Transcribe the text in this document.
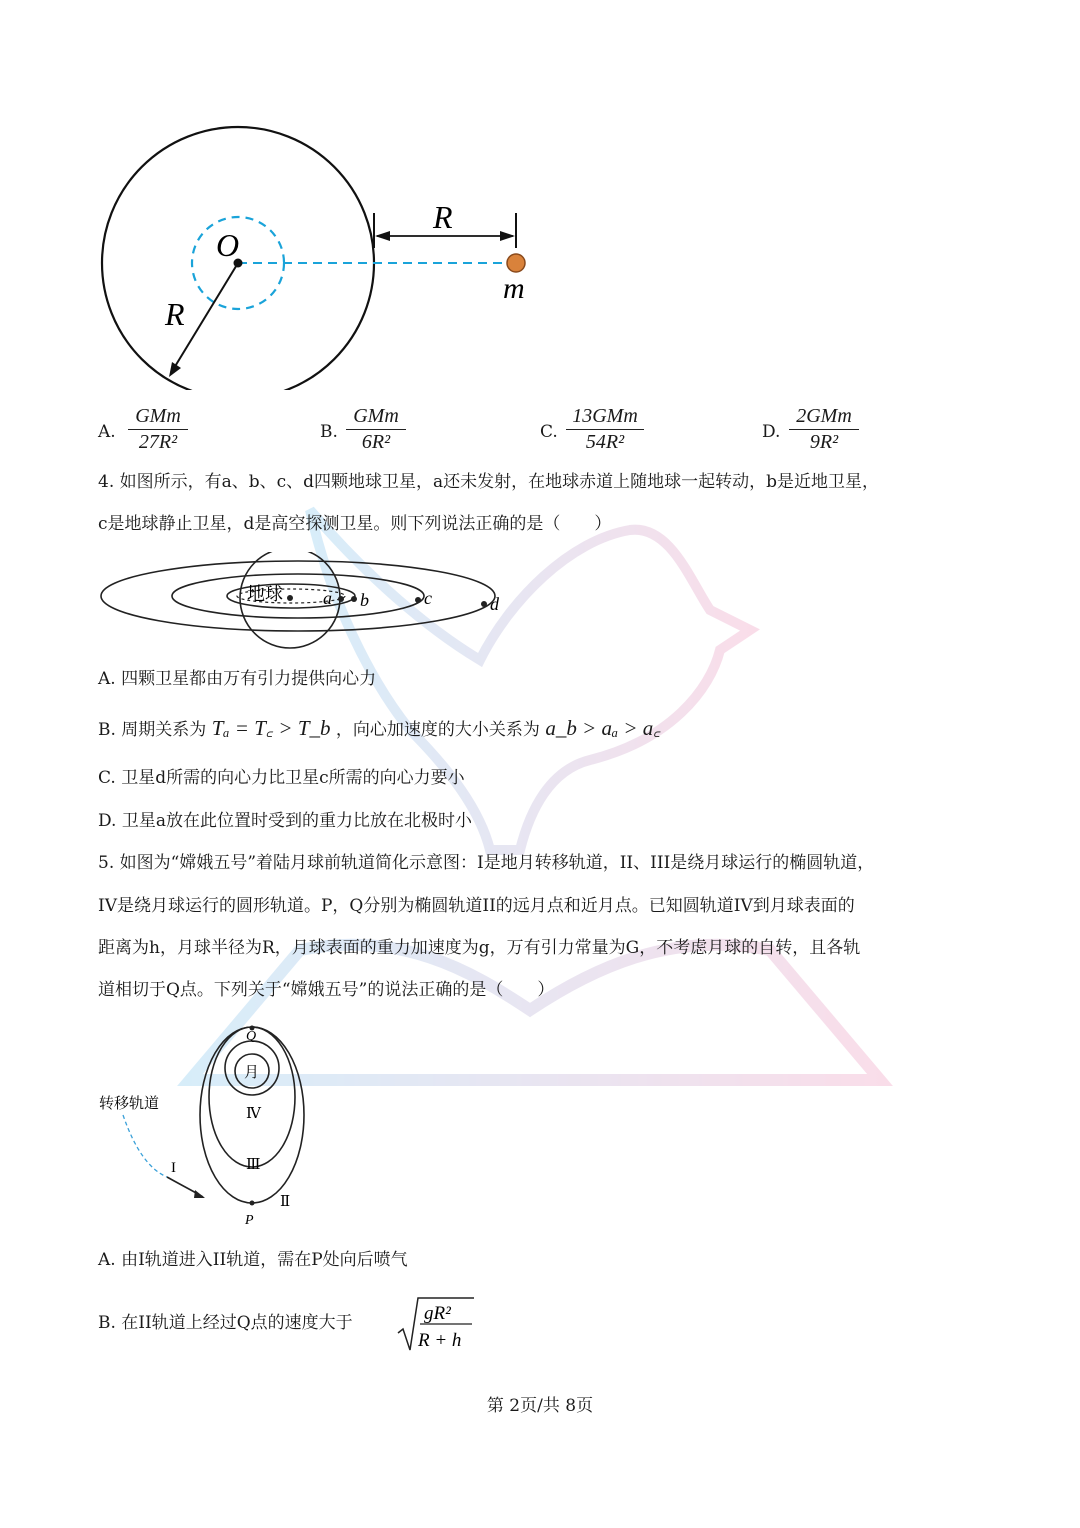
O
R
R
m
A.
GMm
27R²	B.
GMm
6R²	C.
13GMm
54R²	D.
2GMm
9R²
4. 如图所示，有a、b、c、d四颗地球卫星，a还未发射，在地球赤道上随地球一起转动，b是近地卫星，
c是地球静止卫星，d是高空探测卫星。则下列说法正确的是（　　）
地球 a b	c	d
A. 四颗卫星都由万有引力提供向心力
B. 周期关系为 Tₐ = T꜀ > T_b ，向心加速度的大小关系为 a_b > aₐ > a꜀
C. 卫星d所需的向心力比卫星c所需的向心力要小
D. 卫星a放在此位置时受到的重力比放在北极时小
5. 如图为“嫦娥五号”着陆月球前轨道简化示意图：I是地月转移轨道，II、III是绕月球运行的椭圆轨道，
IV是绕月球运行的圆形轨道。P，Q分别为椭圆轨道II的远月点和近月点。已知圆轨道IV到月球表面的
距离为h，月球半径为R，月球表面的重力加速度为g，万有引力常量为G，不考虑月球的自转，且各轨
道相切于Q点。下列关于“嫦娥五号”的说法正确的是（　　）
Q
月
Ⅳ
Ⅲ
Ⅱ
I
P
转移轨道
A. 由I轨道进入II轨道，需在P处向后喷气
B. 在II轨道上经过Q点的速度大于	gR²
R + h
第 2页/共 8页
